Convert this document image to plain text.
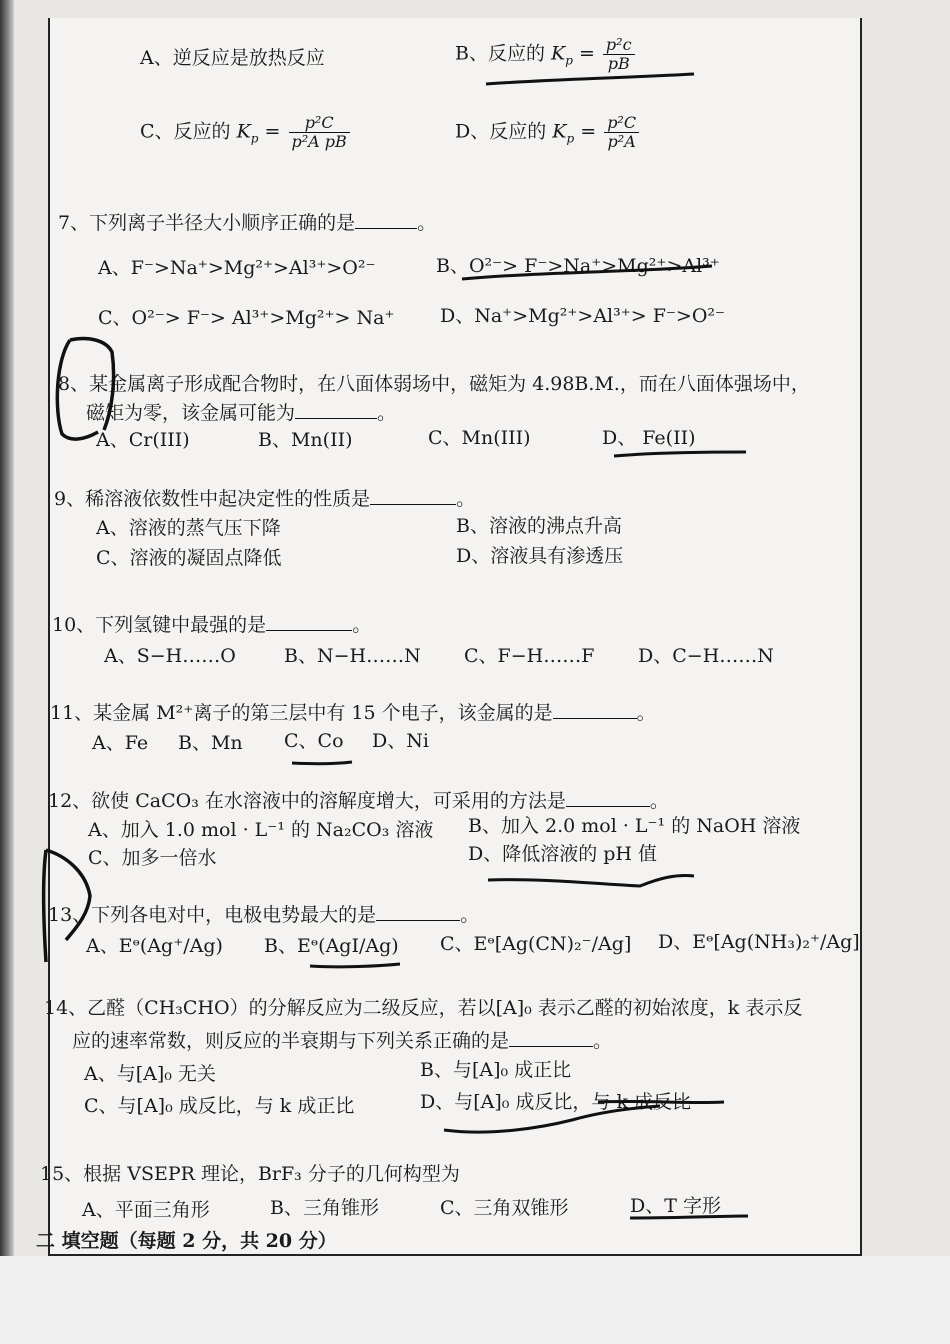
A、逆反应是放热反应	B、反应的 $K_p = \frac{\text{p²c}}{pB}$
C、反应的 $K_p = \frac{\text{p²C}}{\text{p²A pB}}$	D、反应的 $K_p = \frac{\text{p²C}}{\text{p²A}}$
7、下列离子半径大小顺序正确的是	。
A、F⁻>Na⁺>Mg²⁺>Al³⁺>O²⁻	B、O²⁻> F⁻>Na⁺>Mg²⁺>Al³⁺
C、O²⁻> F⁻> Al³⁺>Mg²⁺> Na⁺ D、Na⁺>Mg²⁺>Al³⁺> F⁻>O²⁻
8、某金属离子形成配合物时，在八面体弱场中，磁矩为 4.98B.M.，而在八面体强场中，
磁矩为零，该金属可能为	。
A、Cr(III)	B、Mn(II)	C、Mn(III)	D、 Fe(II)
9、稀溶液依数性中起决定性的性质是	。
A、溶液的蒸气压下降	B、溶液的沸点升高
C、溶液的凝固点降低	D、溶液具有渗透压
10、下列氢键中最强的是	。
A、S−H……O	B、N−H……N C、F−H……F D、C−H……N
11、某金属 M²⁺离子的第三层中有 15 个电子，该金属的是	。
A、Fe B、Mn C、Co D、Ni
12、欲使 CaCO₃ 在水溶液中的溶解度增大，可采用的方法是	。
A、加入 1.0 mol · L⁻¹ 的 Na₂CO₃ 溶液 B、加入 2.0 mol · L⁻¹ 的 NaOH 溶液
C、加多一倍水	D、降低溶液的 pH 值
13、下列各电对中，电极电势最大的是	。
A、Eᶱ(Ag⁺/Ag) B、Eᶱ(AgI/Ag) C、Eᶱ[Ag(CN)₂⁻/Ag] D、Eᶱ[Ag(NH₃)₂⁺/Ag]
14、乙醛（CH₃CHO）的分解反应为二级反应，若以[A]₀ 表示乙醛的初始浓度，k 表示反
应的速率常数，则反应的半衰期与下列关系正确的是	。
A、与[A]₀ 无关	B、与[A]₀ 成正比
C、与[A]₀ 成反比，与 k 成正比	D、与[A]₀ 成反比，与 k 成反比
15、根据 VSEPR 理论，BrF₃ 分子的几何构型为
A、平面三角形	B、三角锥形	C、三角双锥形	D、T 字形
二 填空题（每题 2 分，共 20 分）
